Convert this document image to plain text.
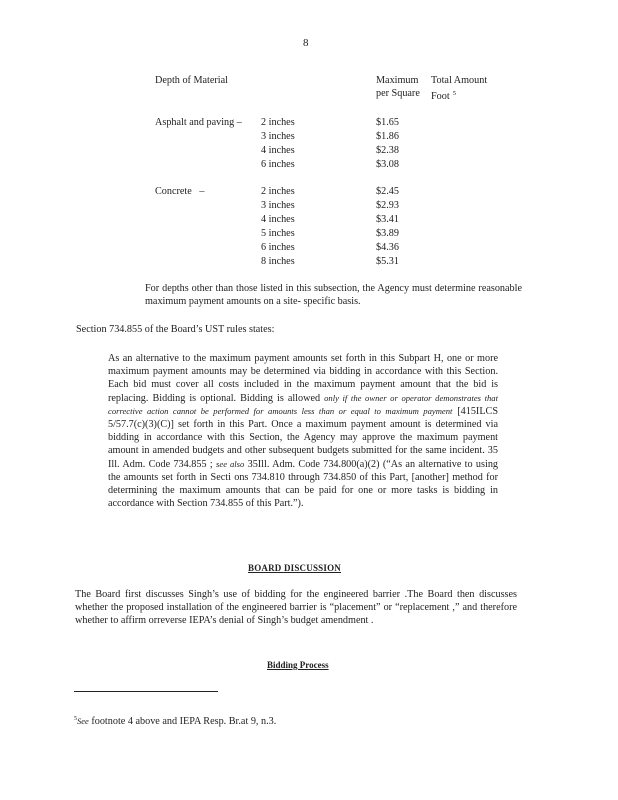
8
Depth of Material	Maximum
per Square
Total Amount
Foot $^5$
Asphalt and paving – 2 inches	$1.65
3 inches	$1.86
4 inches	$2.38
6 inches	$3.08
Concrete –	2 inches	$2.45
3 inches	$2.93
4 inches	$3.41
5 inches	$3.89
6 inches	$4.36
8 inches	$5.31
For depths other than those listed in this subsection, the Agency must determine reasonable maximum payment amounts on a site- specific basis.
Section 734.855 of the Board’s UST rules states:
As an alternative to the maximum payment amounts set forth in this Subpart H, one or more maximum payment amounts may be determined via bidding in accordance with this Section. Each bid must cover all costs included in the maximum payment amount that the bid is replacing. Bidding is optional. Bidding is allowed only if the owner or operator demonstrates that corrective action cannot be performed for amounts less than or equal to maximum payment [415ILCS 5/57.7(c)(3)(C)] set forth in this Part. Once a maximum payment amount is determined via bidding in accordance with this Section, the Agency may approve the maximum payment amount in amended budgets and other subsequent budgets submitted for the same incident. 35 Ill. Adm. Code 734.855 ; see also 35Ill. Adm. Code 734.800(a)(2) (“As an alternative to using the amounts set forth in Secti ons 734.810 through 734.850 of this Part, [another] method for determining the maximum amounts that can be paid for one or more tasks is bidding in accordance with Section 734.855 of this Part.”).
BOARD DISCUSSION
The Board first discusses Singh’s use of bidding for the engineered barrier .The Board then discusses whether the proposed installation of the engineered barrier is “placement” or “replacement ,” and therefore whether to affirm orreverse IEPA’s denial of Singh’s budget amendment .
Bidding Process
$^5$See footnote 4 above and IEPA Resp. Br.at 9, n.3.
